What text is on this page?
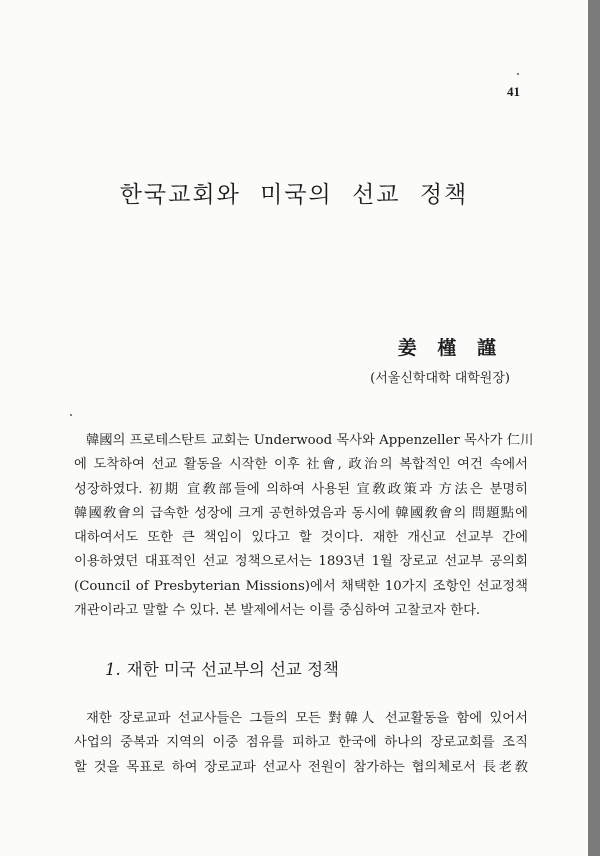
41
한국교회와 미국의 선교 정책
姜 槿 謹
(서울신학대학 대학원장)

韓國의 프로테스탄트 교회는 Underwood 목사와 Appenzeller 목사가 仁川
에 도착하여 선교 활동을 시작한 이후 社會, 政治의 복합적인 여건 속에서
성장하였다. 初期 宣敎部들에 의하여 사용된 宣敎政策과 方法은 분명히
韓國敎會의 급속한 성장에 크게 공헌하였음과 동시에 韓國敎會의 問題點에
대하여서도 또한 큰 책임이 있다고 할 것이다. 재한 개신교 선교부 간에
이용하였던 대표적인 선교 정책으로서는 1893년 1월 장로교 선교부 공의회
(Council of Presbyterian Missions)에서 채택한 10가지 조항인 선교정책
개관이라고 말할 수 있다. 본 발제에서는 이를 중심하여 고찰코자 한다.

1. 재한 미국 선교부의 선교 정책

재한 장로교파 선교사들은 그들의 모든 對韓人 선교활동을 함에 있어서
사업의 중복과 지역의 이중 점유를 피하고 한국에 하나의 장로교회를 조직
할 것을 목표로 하여 장로교파 선교사 전원이 참가하는 협의체로서 長老敎
